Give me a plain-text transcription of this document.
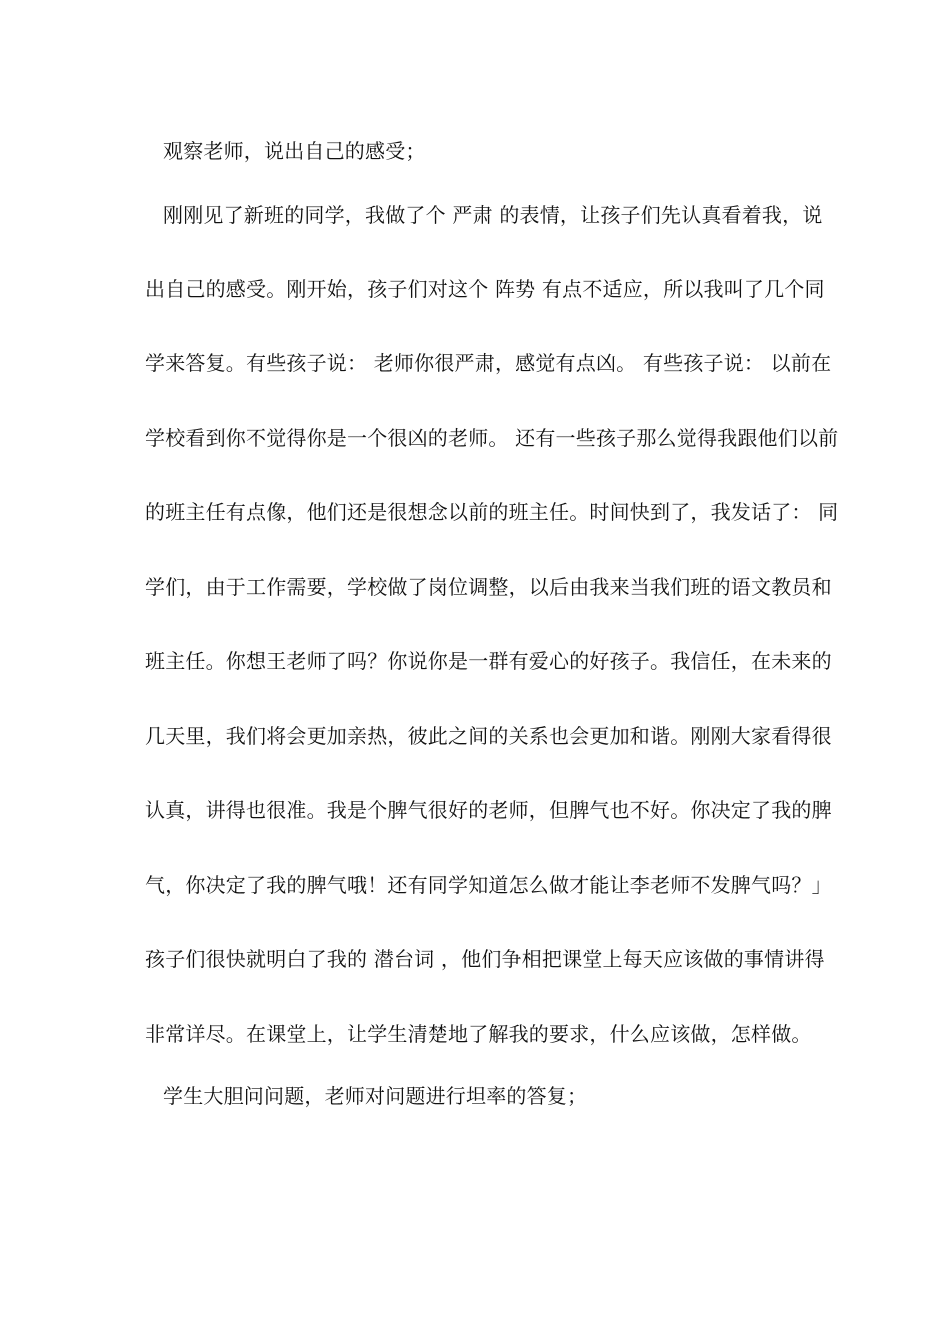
观察老师，说出自己的感受；
刚刚见了新班的同学，我做了个 严肃 的表情，让孩子们先认真看着我，说
出自己的感受。刚开始，孩子们对这个 阵势 有点不适应，所以我叫了几个同
学来答复。有些孩子说： 老师你很严肃，感觉有点凶。 有些孩子说： 以前在
学校看到你不觉得你是一个很凶的老师。 还有一些孩子那么觉得我跟他们以前
的班主任有点像，他们还是很想念以前的班主任。时间快到了，我发话了： 同
学们，由于工作需要，学校做了岗位调整，以后由我来当我们班的语文教员和
班主任。你想王老师了吗？你说你是一群有爱心的好孩子。我信任，在未来的
几天里，我们将会更加亲热，彼此之间的关系也会更加和谐。刚刚大家看得很
认真，讲得也很准。我是个脾气很好的老师，但脾气也不好。你决定了我的脾
气，你决定了我的脾气哦！还有同学知道怎么做才能让李老师不发脾气吗？」
孩子们很快就明白了我的 潜台词 ，他们争相把课堂上每天应该做的事情讲得
非常详尽。在课堂上，让学生清楚地了解我的要求，什么应该做，怎样做。
学生大胆问问题，老师对问题进行坦率的答复；
